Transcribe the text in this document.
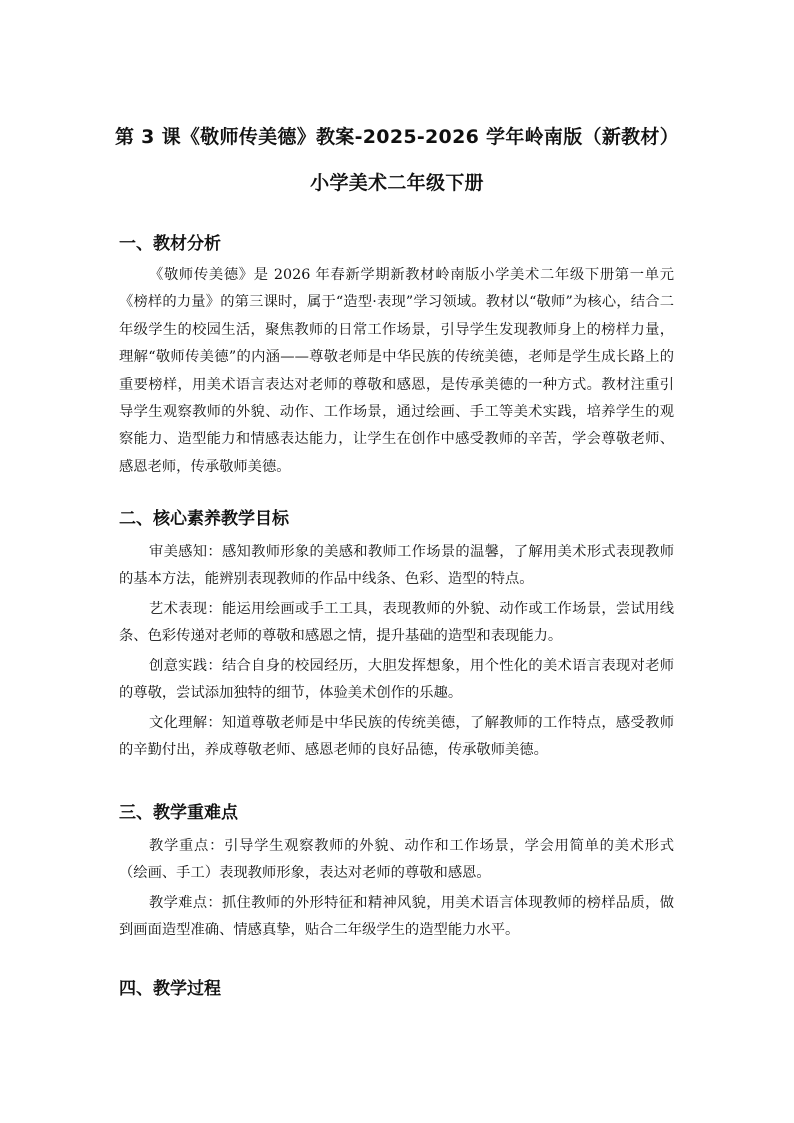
第 3 课《敬师传美德》教案-2025-2026 学年岭南版（新教材）
小学美术二年级下册
一、教材分析
《敬师传美德》是 2026 年春新学期新教材岭南版小学美术二年级下册第一单元《榜样的力量》的第三课时，属于“造型·表现”学习领域。教材以“敬师”为核心，结合二年级学生的校园生活，聚焦教师的日常工作场景，引导学生发现教师身上的榜样力量，理解“敬师传美德”的内涵——尊敬老师是中华民族的传统美德，老师是学生成长路上的重要榜样，用美术语言表达对老师的尊敬和感恩，是传承美德的一种方式。教材注重引导学生观察教师的外貌、动作、工作场景，通过绘画、手工等美术实践，培养学生的观察能力、造型能力和情感表达能力，让学生在创作中感受教师的辛苦，学会尊敬老师、感恩老师，传承敬师美德。
二、核心素养教学目标
审美感知：感知教师形象的美感和教师工作场景的温馨，了解用美术形式表现教师的基本方法，能辨别表现教师的作品中线条、色彩、造型的特点。
艺术表现：能运用绘画或手工工具，表现教师的外貌、动作或工作场景，尝试用线条、色彩传递对老师的尊敬和感恩之情，提升基础的造型和表现能力。
创意实践：结合自身的校园经历，大胆发挥想象，用个性化的美术语言表现对老师的尊敬，尝试添加独特的细节，体验美术创作的乐趣。
文化理解：知道尊敬老师是中华民族的传统美德，了解教师的工作特点，感受教师的辛勤付出，养成尊敬老师、感恩老师的良好品德，传承敬师美德。
三、教学重难点
教学重点：引导学生观察教师的外貌、动作和工作场景，学会用简单的美术形式（绘画、手工）表现教师形象，表达对老师的尊敬和感恩。
教学难点：抓住教师的外形特征和精神风貌，用美术语言体现教师的榜样品质，做到画面造型准确、情感真挚，贴合二年级学生的造型能力水平。
四、教学过程
